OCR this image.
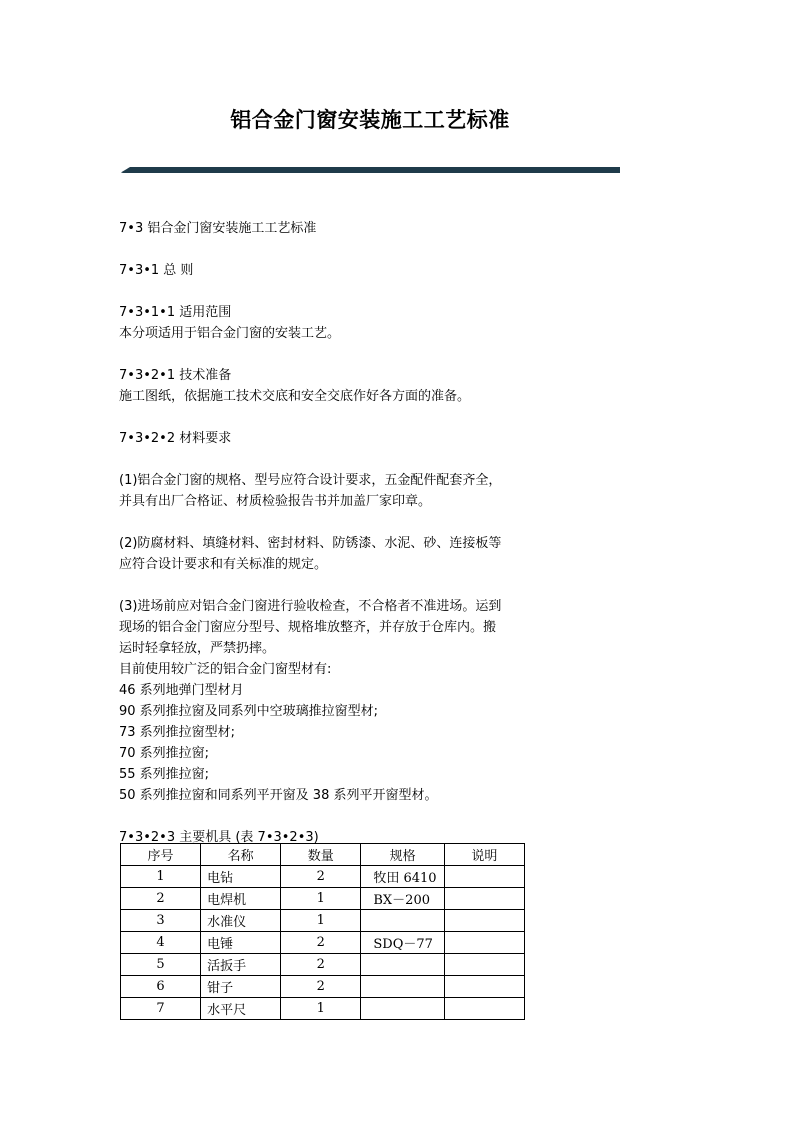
铝合金门窗安装施工工艺标准
7•3 铝合金门窗安装施工工艺标准
7•3•1 总 则
7•3•1•1 适用范围
本分项适用于铝合金门窗的安装工艺。
7•3•2•1 技术准备
施工图纸，依据施工技术交底和安全交底作好各方面的准备。
7•3•2•2 材料要求
(1)铝合金门窗的规格、型号应符合设计要求，五金配件配套齐全，
并具有出厂合格证、材质检验报告书并加盖厂家印章。
(2)防腐材料、填缝材料、密封材料、防锈漆、水泥、砂、连接板等
应符合设计要求和有关标准的规定。
(3)进场前应对铝合金门窗进行验收检查，不合格者不准进场。运到
现场的铝合金门窗应分型号、规格堆放整齐，并存放于仓库内。搬
运时轻拿轻放，严禁扔摔。
目前使用较广泛的铝合金门窗型材有:
46 系列地弹门型材月
90 系列推拉窗及同系列中空玻璃推拉窗型材;
73 系列推拉窗型材;
70 系列推拉窗;
55 系列推拉窗;
50 系列推拉窗和同系列平开窗及 38 系列平开窗型材。
7•3•2•3 主要机具 (表 7•3•2•3)
序号	名称	数量	规格	说明
1	电钻	2	牧田 6410	
2	电焊机	1	BX－200	
3	水准仪	1		
4	电锤	2	SDQ－77	
5	活扳手	2		
6	钳子	2		
7	水平尺	1		
